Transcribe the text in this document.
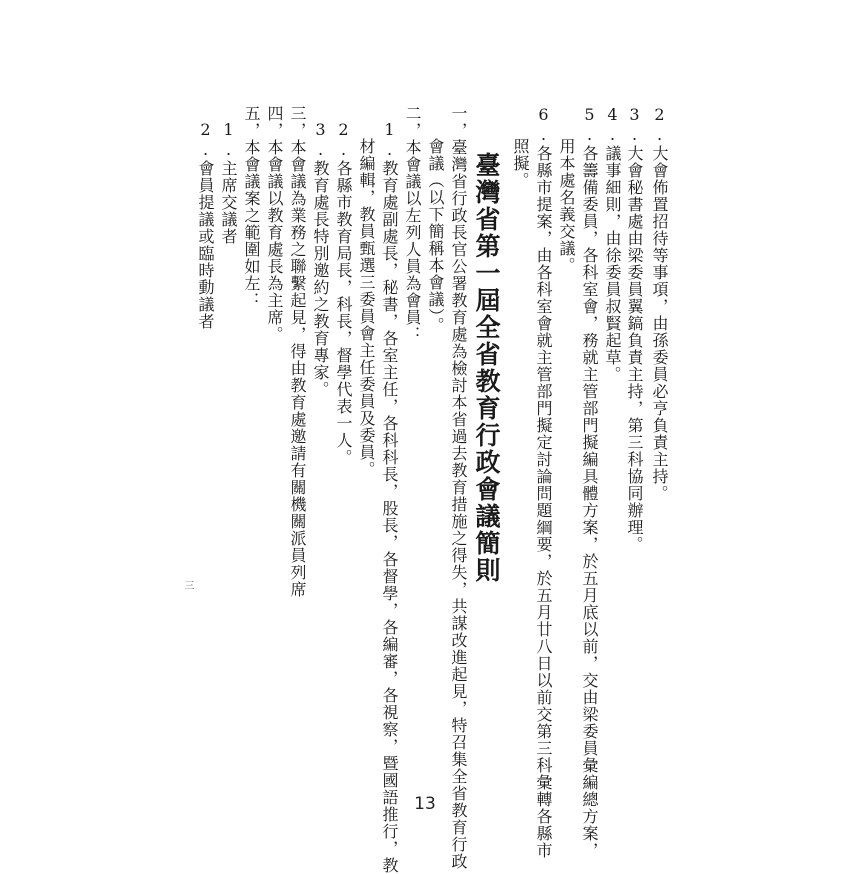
2.大會佈置招待等事項，由孫委員必亨負責主持。
3.大會秘書處由梁委員翼鎬負責主持，第三科協同辦理。
4.議事細則，由徐委員叔賢起草。
5.各籌備委員，各科室會，務就主管部門擬編具體方案，於五月底以前，交由梁委員彙編總方案，
用本處名義交議。
6.各縣市提案，由各科室會就主管部門擬定討論問題綱要，於五月廿八日以前交第三科彙轉各縣市
照擬。
臺灣省第一屆全省教育行政會議簡則
一，臺灣省行政長官公署教育處為檢討本省過去教育措施之得失，共謀改進起見，特召集全省教育行政
會議（以下簡稱本會議）。
二，本會議以左列人員為會員：
1.教育處副處長，秘書，各室主任，各科科長，股長，各督學，各編審，各視察，暨國語推行，教
材編輯，教員甄選三委員會主任委員及委員。
2.各縣市教育局長，科長，督學代表一人。
3.教育處長特別邀約之教育專家。
三，本會議為業務之聯繫起見，得由教育處邀請有關機關派員列席
四，本會議以教育處長為主席。
五，本會議案之範圍如左：
1.主席交議者
2.會員提議或臨時動議者
三
13
